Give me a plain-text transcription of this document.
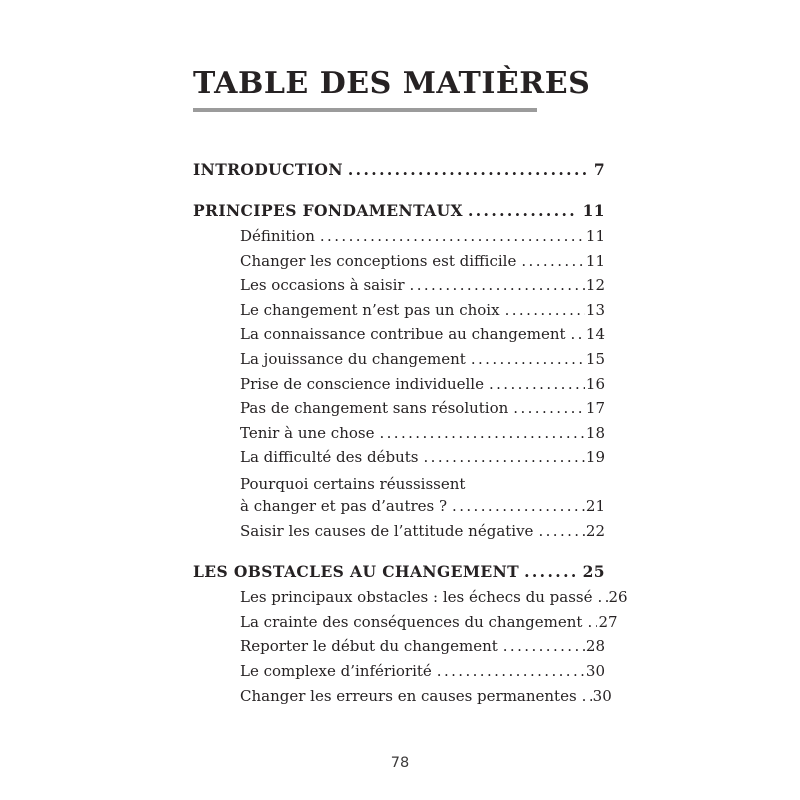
TABLE DES MATIÈRES
INTRODUCTION .....	7
PRINCIPES FONDAMENTAUX .....	11
Définition .....	11
Changer les conceptions est difficile .....	11
Les occasions à saisir .....	12
Le changement n’est pas un choix .....	13
La connaissance contribue au changement ..... 14
La jouissance du changement .....	15
Prise de conscience individuelle .....	16
Pas de changement sans résolution .....	17
Tenir à une chose .....	18
La difficulté des débuts .....	19
Pourquoi certains réussissent
à changer et pas d’autres ? .....	21
Saisir les causes de l’attitude négative .....	22
LES OBSTACLES AU CHANGEMENT .....	25
Les principaux obstacles : les échecs du passé ..... 26
La crainte des conséquences du changement ..... 27
Reporter le début du changement .....	28
Le complexe d’infériorité .....	30
Changer les erreurs en causes permanentes ..... 30
78
